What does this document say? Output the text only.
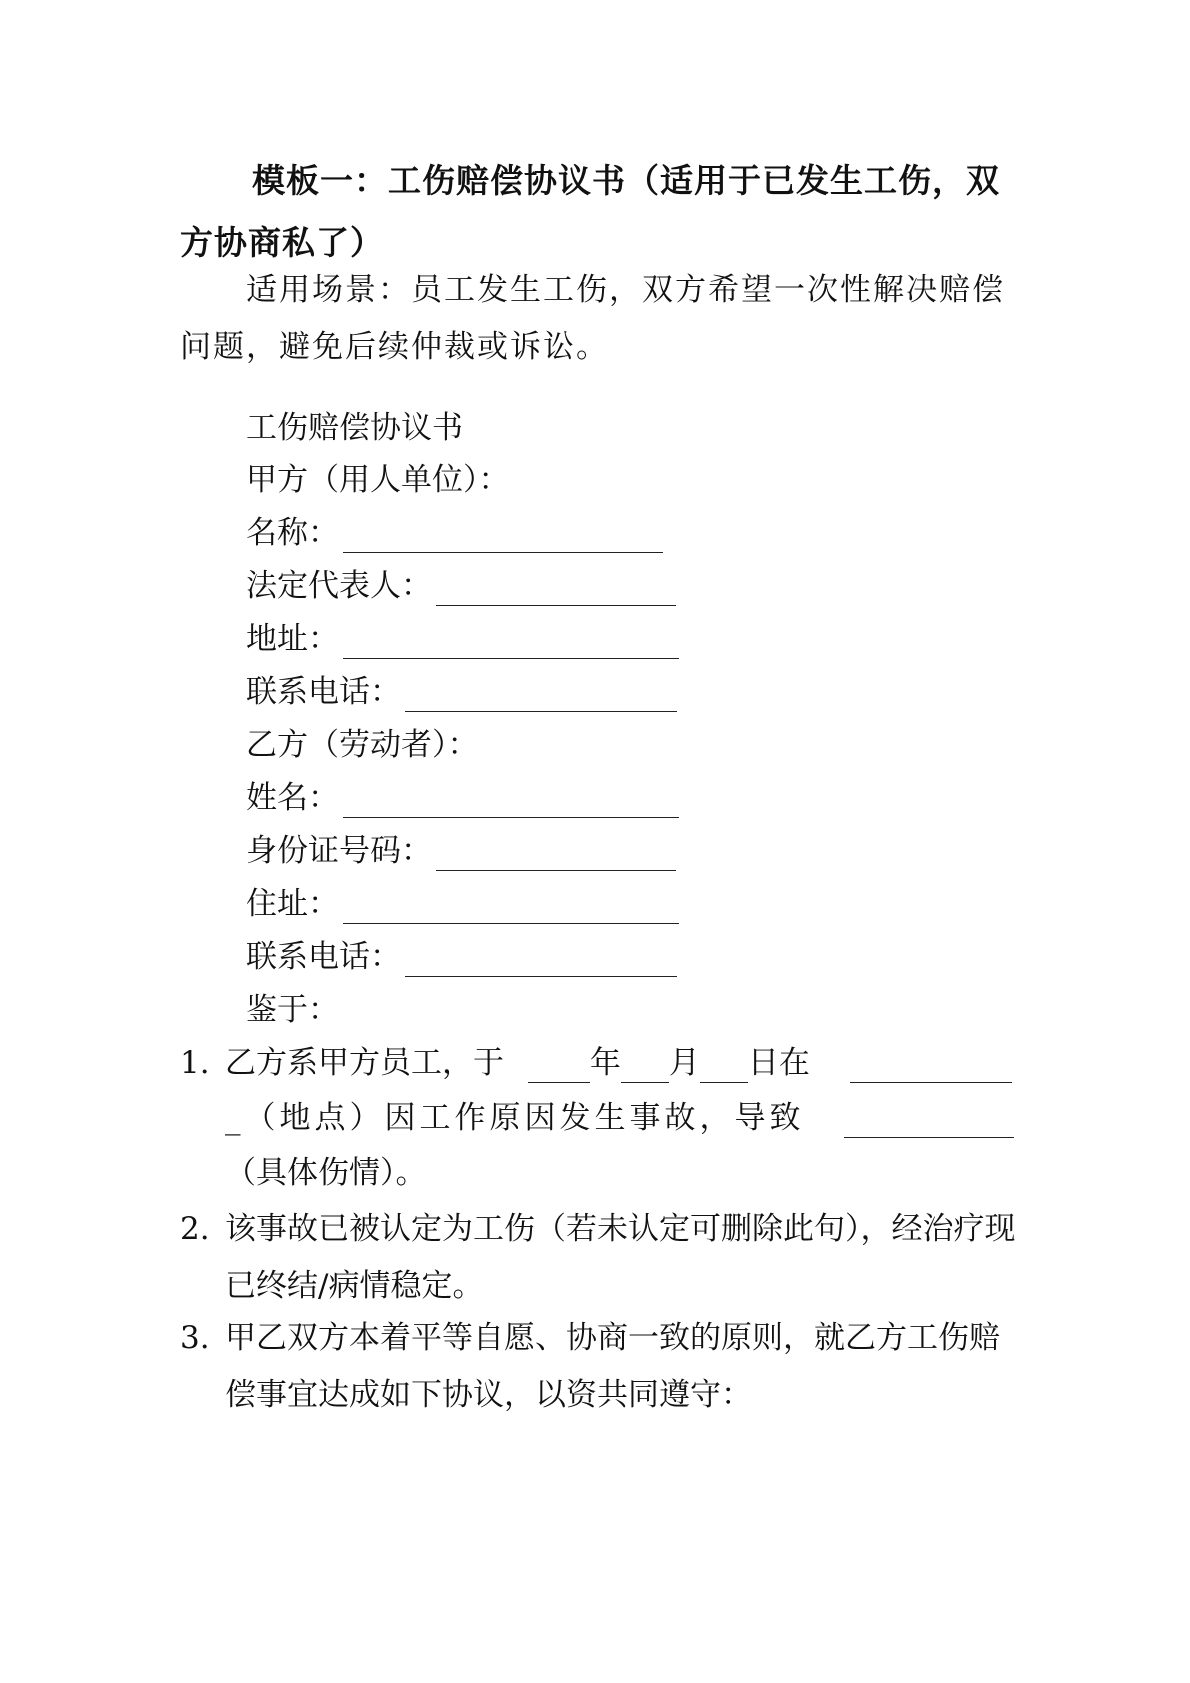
模板一：工伤赔偿协议书（适用于已发生工伤，双方协商私了）
适用场景：员工发生工伤，双方希望一次性解决赔偿问题，避免后续仲裁或诉讼。
工伤赔偿协议书
甲方（用人单位）：
名称：
法定代表人：
地址：
联系电话：
乙方（劳动者）：
姓名：
身份证号码：
住址：
联系电话：
鉴于：
1. 乙方系甲方员工，于	年 月 日在
_（地点）因工作原因发生事故，导致
（具体伤情）。
2. 该事故已被认定为工伤（若未认定可删除此句），经治疗现已终结/病情稳定。
3. 甲乙双方本着平等自愿、协商一致的原则，就乙方工伤赔偿事宜达成如下协议，以资共同遵守：
